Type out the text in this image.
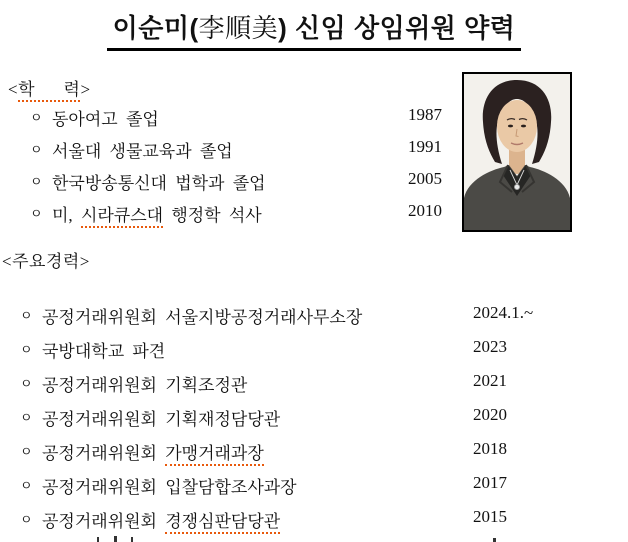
이순미(李順美) 신임 상임위원 약력
<학      력>
ㅇ 동아여고 졸업	1987
ㅇ 서울대 생물교육과 졸업	1991
ㅇ 한국방송통신대 법학과 졸업	2005
ㅇ 미, 시라큐스대 행정학 석사	2010
<주요경력>
ㅇ 공정거래위원회 서울지방공정거래사무소장	2024.1.~
ㅇ 국방대학교 파견	2023
ㅇ 공정거래위원회 기획조정관	2021
ㅇ 공정거래위원회 기획재정담당관	2020
ㅇ 공정거래위원회 가맹거래과장	2018
ㅇ 공정거래위원회 입찰담합조사과장	2017
ㅇ 공정거래위원회 경쟁심판담당관	2015
